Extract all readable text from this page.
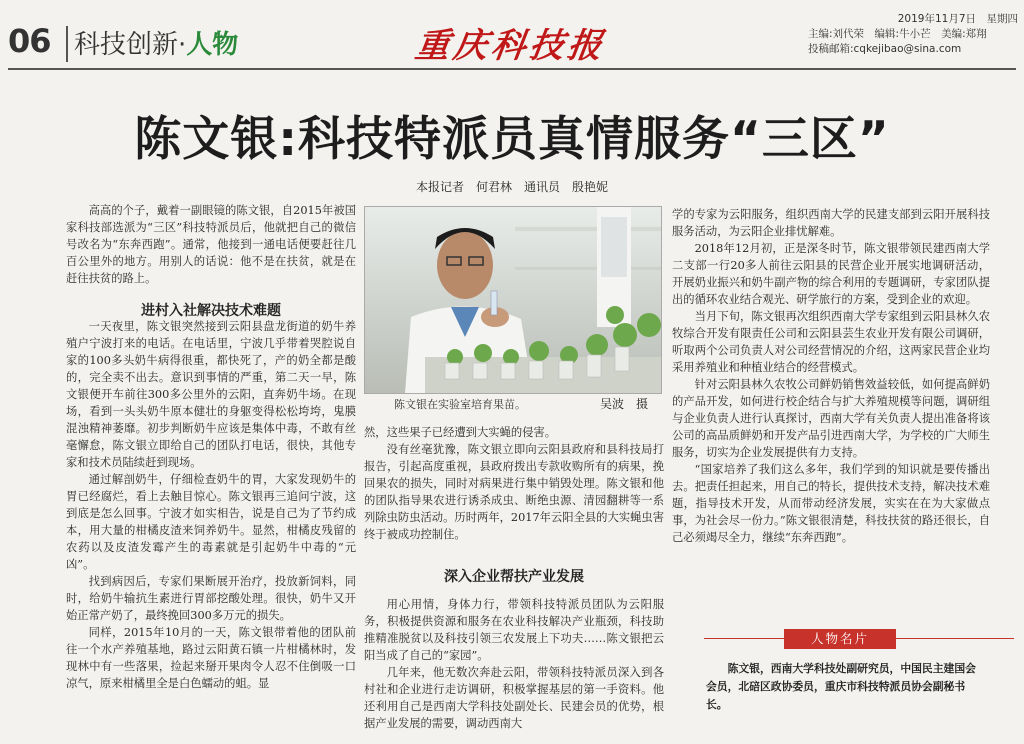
06 科技创新·人物	重庆科技报
2019年11月7日　星期四
主编:刘代荣　编辑:牛小芒　美编:郑翔
投稿邮箱:cqkejibao@sina.com
陈文银:科技特派员真情服务“三区”
本报记者　何君林　通讯员　殷艳妮

高高的个子，戴着一副眼镜的陈文银，自2015年被国家科技部选派为“三区”科技特派员后，他就把自己的微信号改名为“东奔西跑”。通常，他接到一通电话便要赶往几百公里外的地方。用别人的话说：他不是在扶贫，就是在赶往扶贫的路上。

进村入社解决技术难题

一天夜里，陈文银突然接到云阳县盘龙街道的奶牛养殖户宁波打来的电话。在电话里，宁波几乎带着哭腔说自家的100多头奶牛病得很重，都快死了，产的奶全都是酸的，完全卖不出去。意识到事情的严重，第二天一早，陈文银便开车前往300多公里外的云阳，直奔奶牛场。在现场，看到一头头奶牛原本健壮的身躯变得松松垮垮，鬼膜混浊精神萎靡。初步判断奶牛应该是集体中毒，不敢有丝毫懈怠，陈文银立即给自己的团队打电话，很快，其他专家和技术员陆续赶到现场。

通过解剖奶牛，仔细检查奶牛的胃，大家发现奶牛的胃已经腐烂，看上去触目惊心。陈文银再三追问宁波，这到底是怎么回事。宁波才如实相告，说是自己为了节约成本，用大量的柑橘皮渣来饲养奶牛。显然，柑橘皮残留的农药以及皮渣发霉产生的毒素就是引起奶牛中毒的“元凶”。

找到病因后，专家们果断展开治疗，投放新饲料，同时，给奶牛输抗生素进行胃部挖酸处理。很快，奶牛又开始正常产奶了，最终挽回300多万元的损失。

同样，2015年10月的一天，陈文银带着他的团队前往一个水产养殖基地，路过云阳黄石镇一片柑橘林时，发现林中有一些落果，捡起来掰开果肉令人忍不住倒吸一口凉气，原来柑橘里全是白色蠕动的蛆。显

陈文银在实验室培育果苗。	吴波　摄

然，这些果子已经遭到大实蝇的侵害。

没有丝毫犹豫，陈文银立即向云阳县政府和县科技局打报告，引起高度重视，县政府拨出专款收购所有的病果，挽回果农的损失，同时对病果进行集中销毁处理。陈文银和他的团队指导果农进行诱杀成虫、断绝虫源、清园翻耕等一系列除虫防虫活动。历时两年，2017年云阳全县的大实蝇虫害终于被成功控制住。

深入企业帮扶产业发展

用心用情，身体力行，带领科技特派员团队为云阳服务，积极提供资源和服务在农业科技解决产业瓶颈，科技助推精准脱贫以及科技引领三农发展上下功夫……陈文银把云阳当成了自己的“家园”。

几年来，他无数次奔赴云阳，带领科技特派员深入到各村社和企业进行走访调研，积极掌握基层的第一手资料。他还利用自己是西南大学科技处副处长、民建会员的优势，根据产业发展的需要，调动西南大

学的专家为云阳服务，组织西南大学的民建支部到云阳开展科技服务活动，为云阳企业排忧解难。

2018年12月初，正是深冬时节，陈文银带领民建西南大学二支部一行20多人前往云阳县的民营企业开展实地调研活动，开展奶业振兴和奶牛副产物的综合利用的专题调研，专家团队提出的循环农业结合观光、研学旅行的方案，受到企业的欢迎。

当月下旬，陈文银再次组织西南大学专家组到云阳县林久农牧综合开发有限责任公司和云阳县芸生农业开发有限公司调研，听取两个公司负责人对公司经营情况的介绍，这两家民营企业均采用养殖业和种植业结合的经营模式。

针对云阳县林久农牧公司鲜奶销售效益较低，如何提高鲜奶的产品开发，如何进行校企结合与扩大养殖规模等问题，调研组与企业负责人进行认真探讨，西南大学有关负责人提出准备将该公司的高品质鲜奶和开发产品引进西南大学，为学校的广大师生服务，切实为企业发展提供有力支持。

“国家培养了我们这么多年，我们学到的知识就是要传播出去。把责任担起来，用自己的特长，提供技术支持，解决技术难题，指导技术开发，从而带动经济发展，实实在在为大家做点事，为社会尽一份力。”陈文银很清楚，科技扶贫的路还很长，自己必须竭尽全力，继续“东奔西跑”。

人物名片
陈文银，西南大学科技处副研究员，中国民主建国会会员，北碚区政协委员，重庆市科技特派员协会副秘书长。
